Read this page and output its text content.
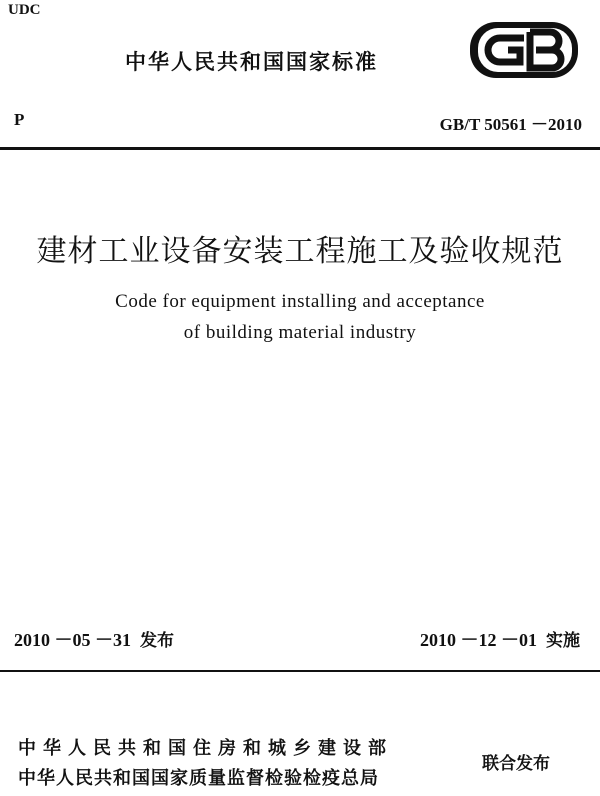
UDC
中华人民共和国国家标准
P	GB/T 50561 －2010
建材工业设备安装工程施工及验收规范
Code for equipment installing and acceptance
of building material industry
2010 －05 －31  发布	2010 －12 －01  实施
中华人民共和国住房和城乡建设部
中华人民共和国国家质量监督检验检疫总局
联合发布
